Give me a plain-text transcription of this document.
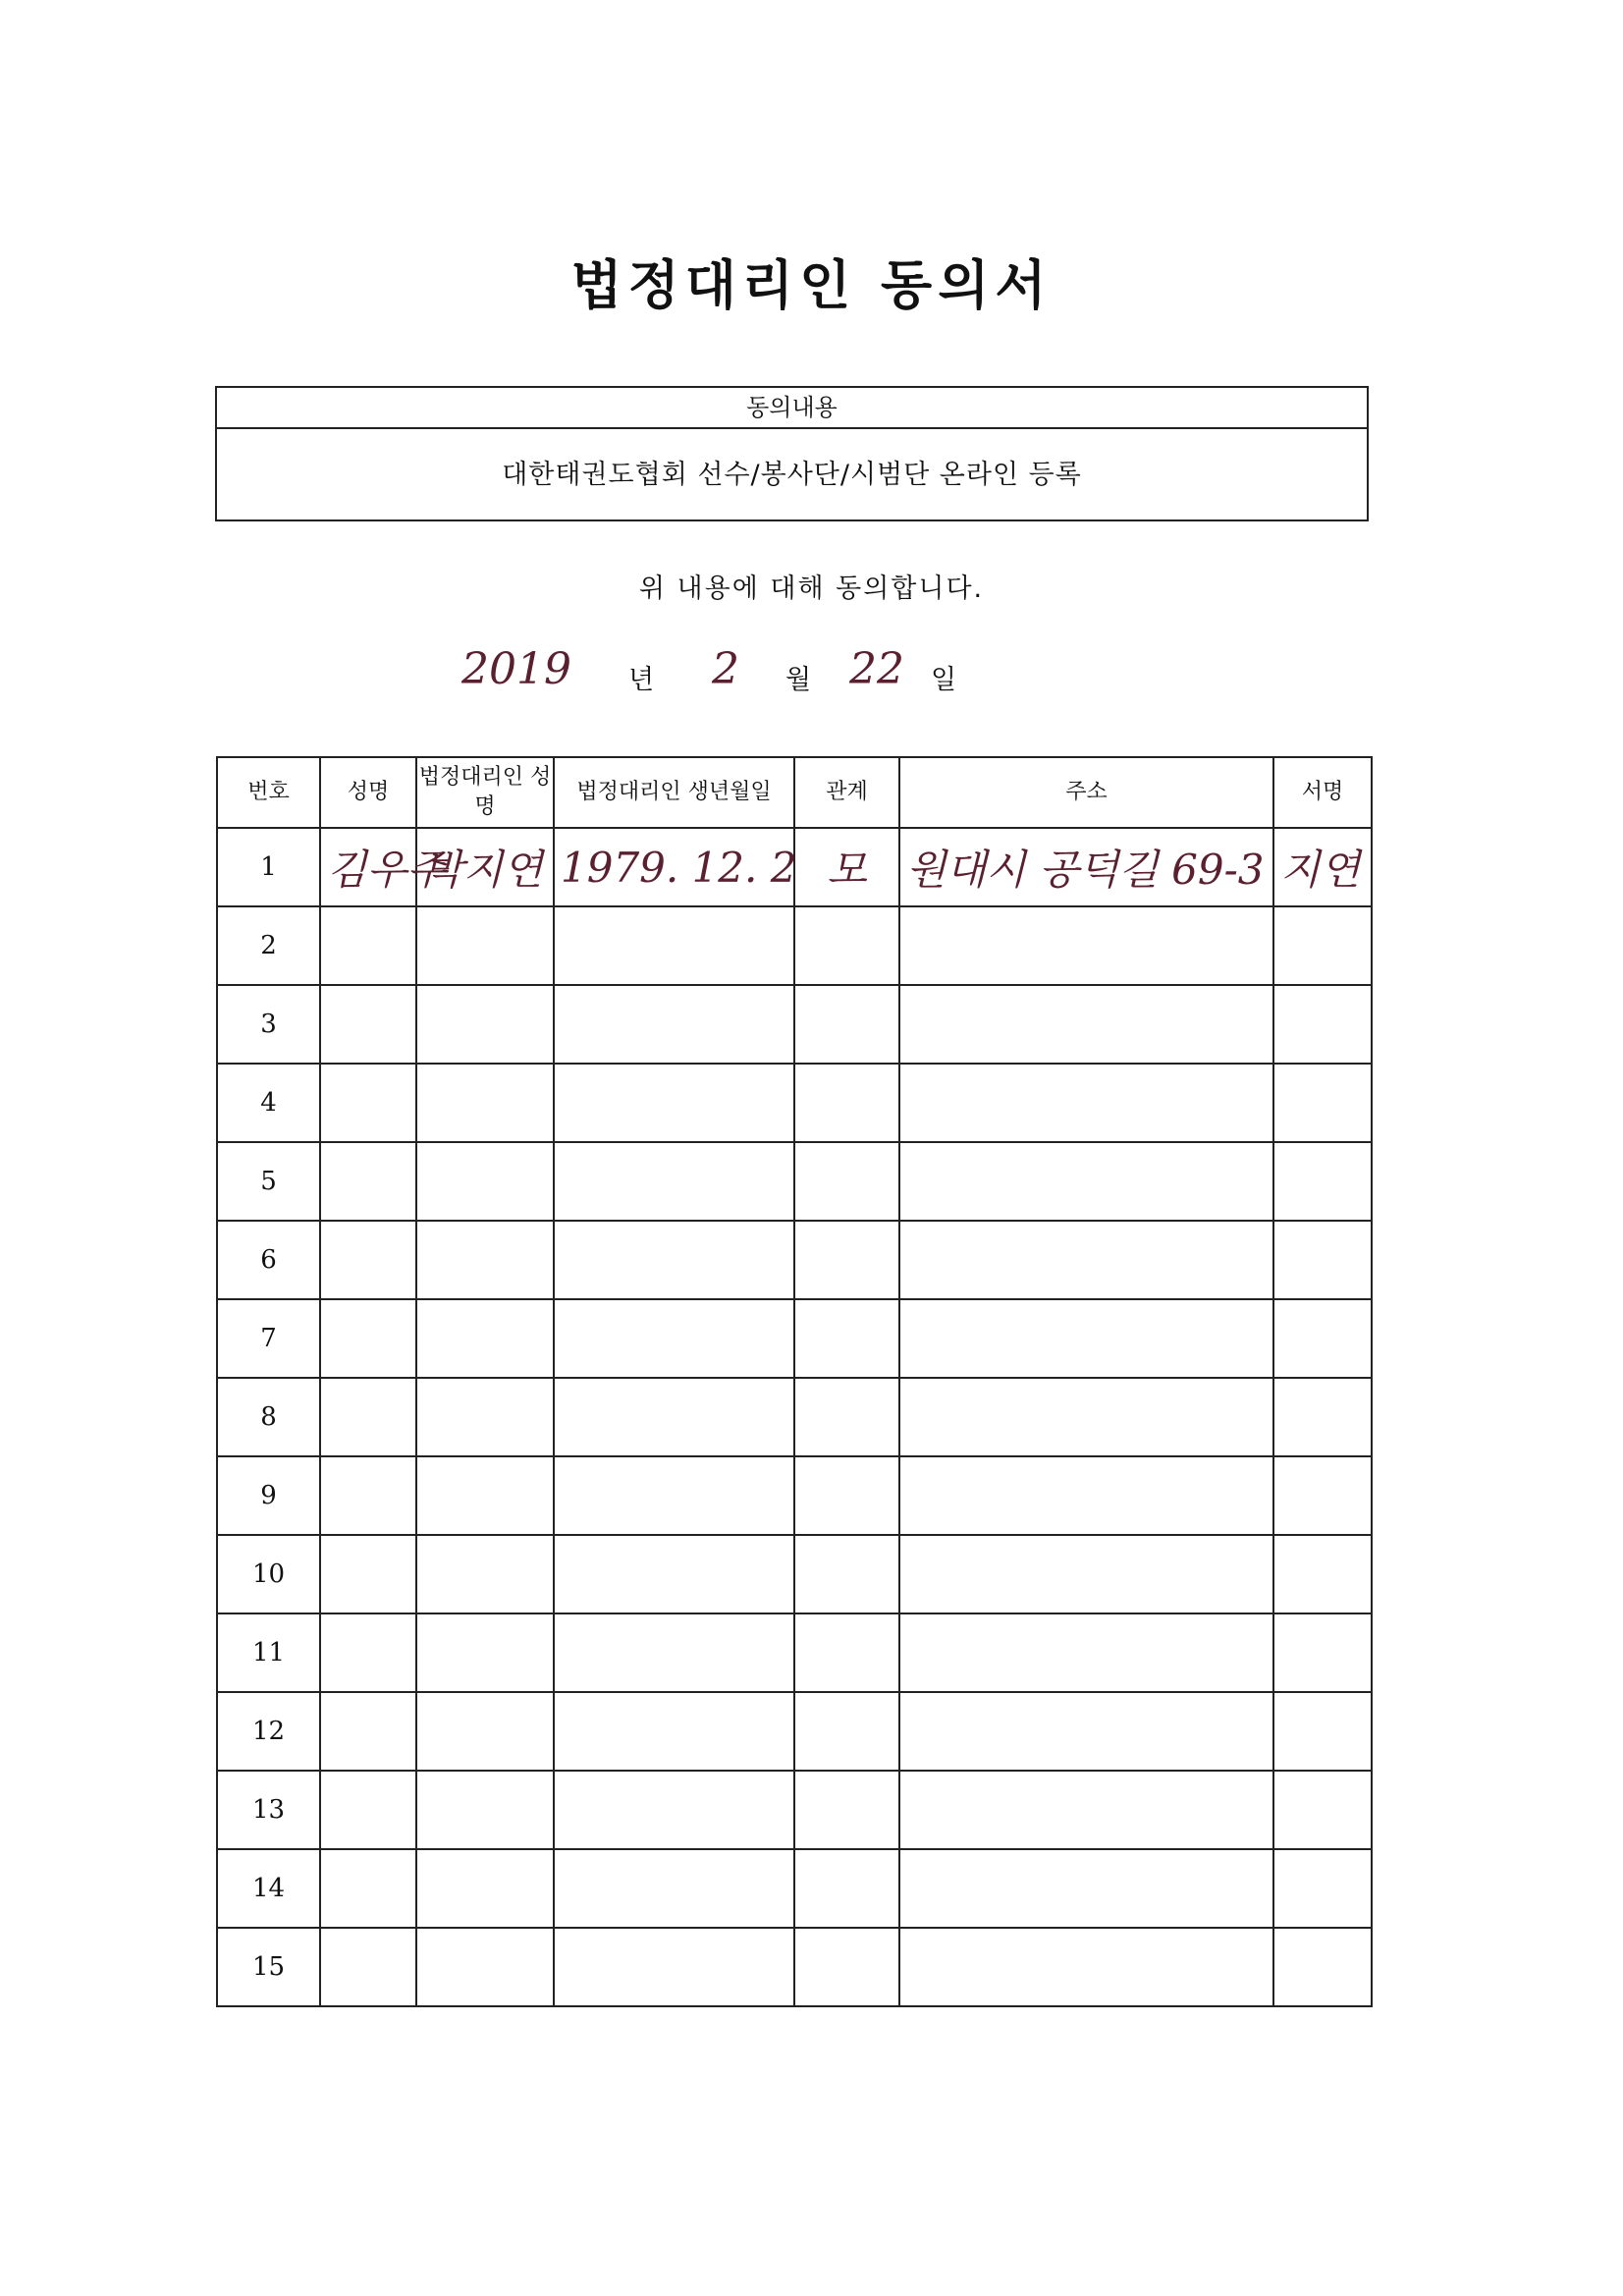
법정대리인 동의서
동의내용
대한태권도협회 선수/봉사단/시범단 온라인 등록
위 내용에 대해 동의합니다.
2019 년 2 월 22 일
번호	성명	법정대리인 성명	법정대리인 생년월일	관계	주소	서명
1	김우주	박지연	1979. 12. 2	모	원대시 공덕길 69-3	지연
2						
3						
4						
5						
6						
7						
8						
9						
10						
11						
12						
13						
14						
15						
